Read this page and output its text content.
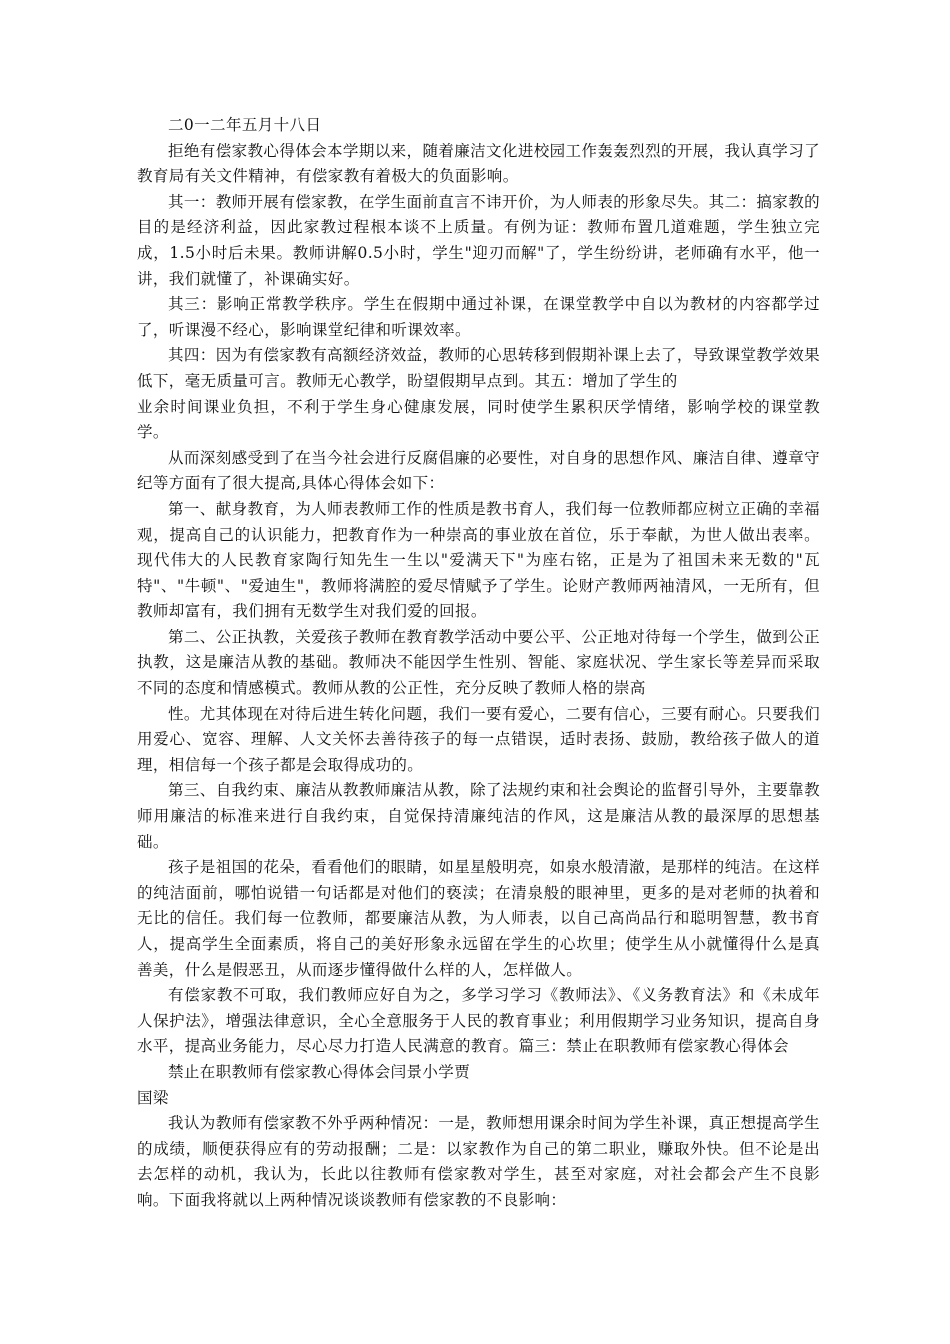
二0一二年五月十八日

拒绝有偿家教心得体会本学期以来，随着廉洁文化进校园工作轰轰烈烈的开展，我认真学习了教育局有关文件精神，有偿家教有着极大的负面影响。

其一：教师开展有偿家教，在学生面前直言不讳开价，为人师表的形象尽失。其二：搞家教的目的是经济利益，因此家教过程根本谈不上质量。有例为证：教师布置几道难题，学生独立完成，1.5小时后未果。教师讲解0.5小时，学生"迎刃而解"了，学生纷纷讲，老师确有水平，他一讲，我们就懂了，补课确实好。

其三：影响正常教学秩序。学生在假期中通过补课，在课堂教学中自以为教材的内容都学过了，听课漫不经心，影响课堂纪律和听课效率。

其四：因为有偿家教有高额经济效益，教师的心思转移到假期补课上去了，导致课堂教学效果低下，毫无质量可言。教师无心教学，盼望假期早点到。其五：增加了学生的

业余时间课业负担，不利于学生身心健康发展，同时使学生累积厌学情绪，影响学校的课堂教学。

从而深刻感受到了在当今社会进行反腐倡廉的必要性，对自身的思想作风、廉洁自律、遵章守纪等方面有了很大提高,具体心得体会如下：

第一、献身教育，为人师表教师工作的性质是教书育人，我们每一位教师都应树立正确的幸福观，提高自己的认识能力，把教育作为一种崇高的事业放在首位，乐于奉献，为世人做出表率。现代伟大的人民教育家陶行知先生一生以"爱满天下"为座右铭，正是为了祖国未来无数的"瓦特"、"牛顿"、"爱迪生"，教师将满腔的爱尽情赋予了学生。论财产教师两袖清风，一无所有，但教师却富有，我们拥有无数学生对我们爱的回报。

第二、公正执教，关爱孩子教师在教育教学活动中要公平、公正地对待每一个学生，做到公正执教，这是廉洁从教的基础。教师决不能因学生性别、智能、家庭状况、学生家长等差异而采取不同的态度和情感模式。教师从教的公正性，充分反映了教师人格的崇高

性。尤其体现在对待后进生转化问题，我们一要有爱心，二要有信心，三要有耐心。只要我们用爱心、宽容、理解、人文关怀去善待孩子的每一点错误，适时表扬、鼓励，教给孩子做人的道理，相信每一个孩子都是会取得成功的。

第三、自我约束、廉洁从教教师廉洁从教，除了法规约束和社会舆论的监督引导外，主要靠教师用廉洁的标准来进行自我约束，自觉保持清廉纯洁的作风，这是廉洁从教的最深厚的思想基础。

孩子是祖国的花朵，看看他们的眼睛，如星星般明亮，如泉水般清澈，是那样的纯洁。在这样的纯洁面前，哪怕说错一句话都是对他们的亵渎；在清泉般的眼神里，更多的是对老师的执着和无比的信任。我们每一位教师，都要廉洁从教，为人师表，以自己高尚品行和聪明智慧，教书育人，提高学生全面素质，将自己的美好形象永远留在学生的心坎里；使学生从小就懂得什么是真善美，什么是假恶丑，从而逐步懂得做什么样的人，怎样做人。

有偿家教不可取，我们教师应好自为之，多学习学习《教师法》、《义务教育法》和《未成年人保护法》，增强法律意识，全心全意服务于人民的教育事业；利用假期学习业务知识，提高自身水平，提高业务能力，尽心尽力打造人民满意的教育。篇三：禁止在职教师有偿家教心得体会

禁止在职教师有偿家教心得体会闫景小学贾

国梁

我认为教师有偿家教不外乎两种情况：一是，教师想用课余时间为学生补课，真正想提高学生的成绩，顺便获得应有的劳动报酬；二是：以家教作为自己的第二职业，赚取外快。但不论是出去怎样的动机，我认为，长此以往教师有偿家教对学生，甚至对家庭，对社会都会产生不良影响。下面我将就以上两种情况谈谈教师有偿家教的不良影响：
